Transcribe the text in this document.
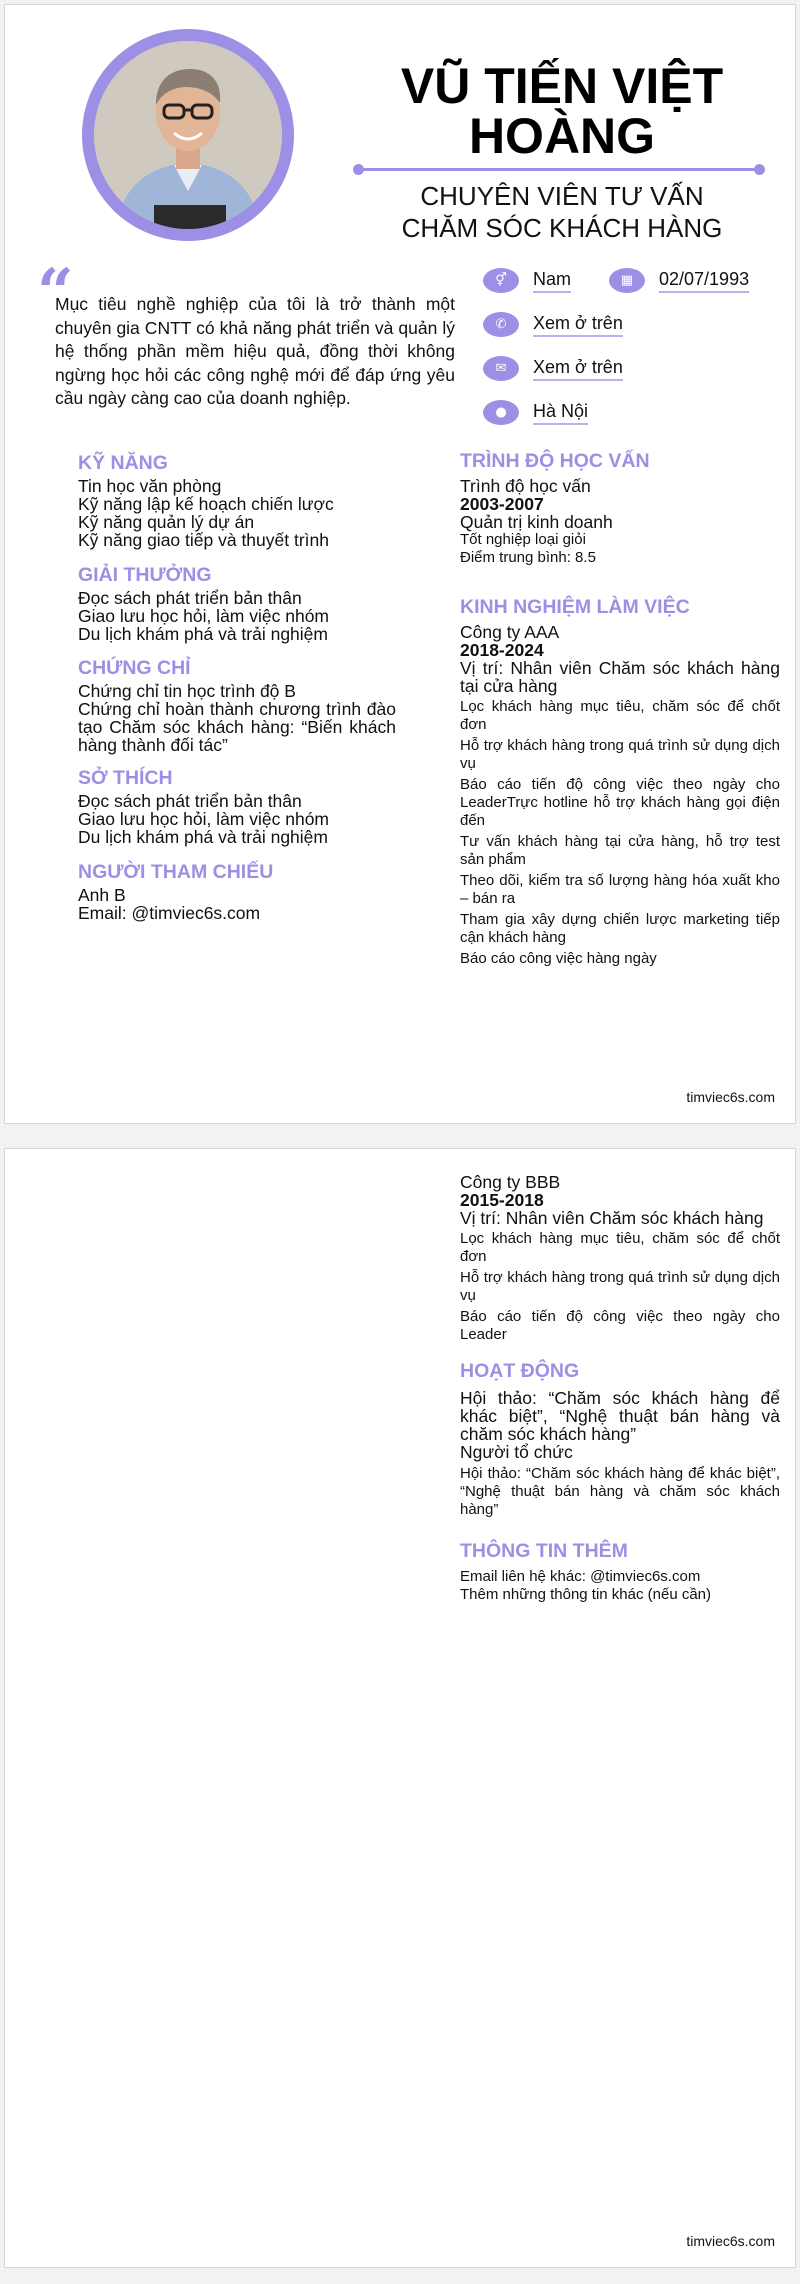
VŨ TIẾN VIỆT
HOÀNG
CHUYÊN VIÊN TƯ VẤN
CHĂM SÓC KHÁCH HÀNG
“

Mục tiêu nghề nghiệp của tôi là trở thành một chuyên gia CNTT có khả năng phát triển và quản lý hệ thống phần mềm hiệu quả, đồng thời không ngừng học hỏi các công nghệ mới để đáp ứng yêu cầu ngày càng cao của doanh nghiệp.

⚥	Nam	▦	02/07/1993
✆	Xem ở trên
✉	Xem ở trên
●	Hà Nội
KỸ NĂNG
Tin học văn phòng
Kỹ năng lập kế hoạch chiến lược
Kỹ năng quản lý dự án
Kỹ năng giao tiếp và thuyết trình
GIẢI THƯỞNG
Đọc sách phát triển bản thân
Giao lưu học hỏi, làm việc nhóm
Du lịch khám phá và trải nghiệm
CHỨNG CHỈ
Chứng chỉ tin học trình độ B
Chứng chỉ hoàn thành chương trình đào tạo Chăm sóc khách hàng: “Biến khách hàng thành đối tác”
SỞ THÍCH
Đọc sách phát triển bản thân
Giao lưu học hỏi, làm việc nhóm
Du lịch khám phá và trải nghiệm
NGƯỜI THAM CHIẾU
Anh B
Email: @timviec6s.com
TRÌNH ĐỘ HỌC VẤN
Trình độ học vấn
2003-2007
Quản trị kinh doanh
Tốt nghiệp loại giỏi
Điểm trung bình: 8.5
KINH NGHIỆM LÀM VIỆC
Công ty AAA
2018-2024
Vị trí: Nhân viên Chăm sóc khách hàng tại cửa hàng
Lọc khách hàng mục tiêu, chăm sóc để chốt đơn
Hỗ trợ khách hàng trong quá trình sử dụng dịch vụ
Báo cáo tiến độ công việc theo ngày cho LeaderTrực hotline hỗ trợ khách hàng gọi điện đến
Tư vấn khách hàng tại cửa hàng, hỗ trợ test sản phẩm
Theo dõi, kiểm tra số lượng hàng hóa xuất kho – bán ra
Tham gia xây dựng chiến lược marketing tiếp cận khách hàng
Báo cáo công việc hàng ngày
timviec6s.com
Công ty BBB
2015-2018
Vị trí: Nhân viên Chăm sóc khách hàng
Lọc khách hàng mục tiêu, chăm sóc để chốt đơn
Hỗ trợ khách hàng trong quá trình sử dụng dịch vụ
Báo cáo tiến độ công việc theo ngày cho Leader
HOẠT ĐỘNG
Hội thảo: “Chăm sóc khách hàng để khác biệt”, “Nghệ thuật bán hàng và chăm sóc khách hàng”
Người tổ chức
Hội thảo: “Chăm sóc khách hàng để khác biệt”, “Nghệ thuật bán hàng và chăm sóc khách hàng”
THÔNG TIN THÊM
Email liên hệ khác: @timviec6s.com
Thêm những thông tin khác (nếu cần)
timviec6s.com
